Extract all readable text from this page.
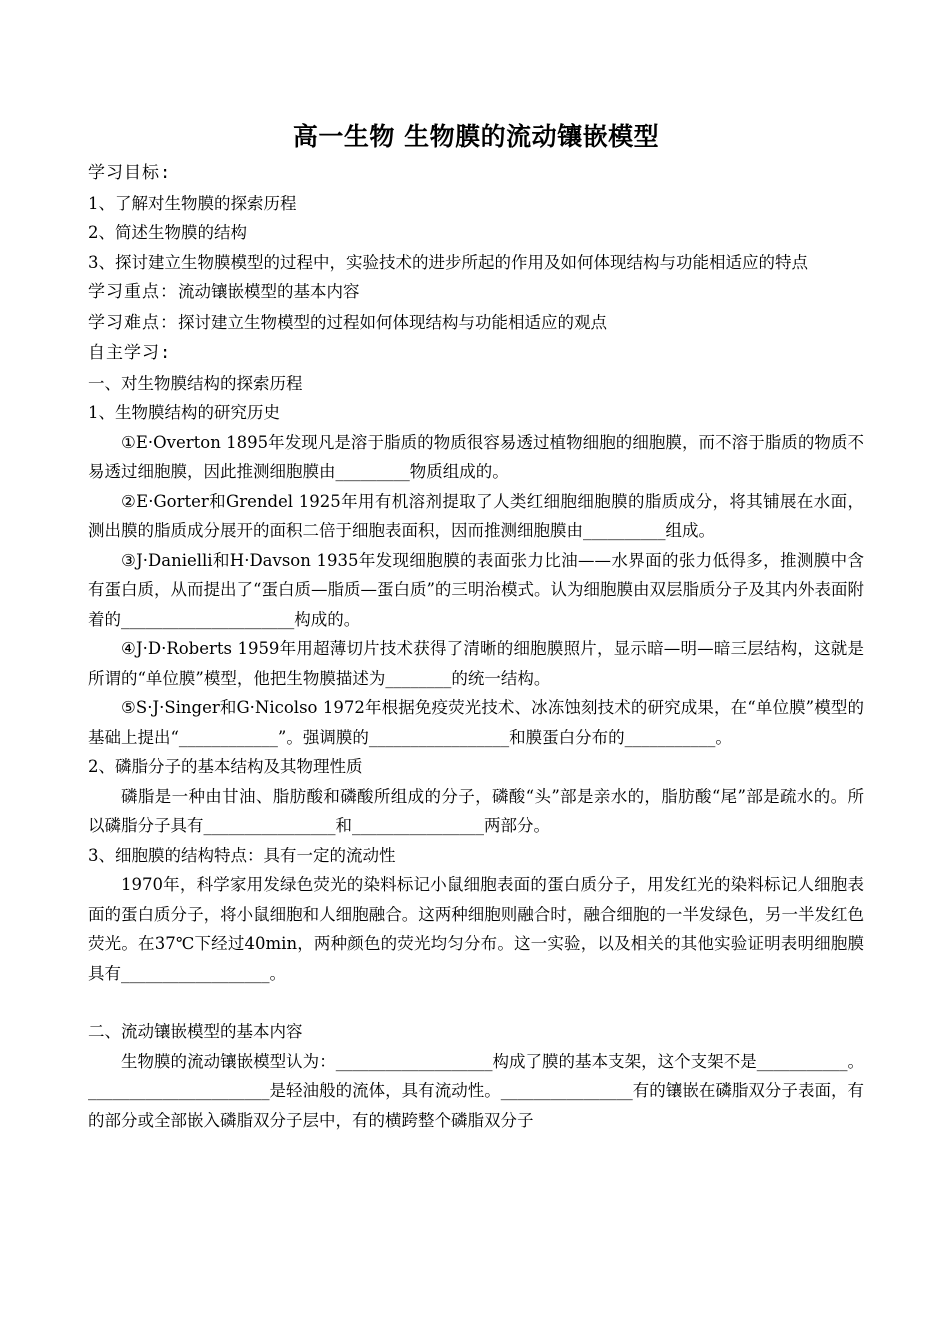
高一生物 生物膜的流动镶嵌模型

学习目标:

1、了解对生物膜的探索历程

2、简述生物膜的结构

3、探讨建立生物膜模型的过程中，实验技术的进步所起的作用及如何体现结构与功能相适应的特点

学习重点：流动镶嵌模型的基本内容

学习难点：探讨建立生物模型的过程如何体现结构与功能相适应的观点

自主学习:

一、对生物膜结构的探索历程

1、生物膜结构的研究历史

①E·Overton 1895年发现凡是溶于脂质的物质很容易透过植物细胞的细胞膜，而不溶于脂质的物质不易透过细胞膜，因此推测细胞膜由_________物质组成的。

②E·Gorter和Grendel 1925年用有机溶剂提取了人类红细胞细胞膜的脂质成分，将其铺展在水面，测出膜的脂质成分展开的面积二倍于细胞表面积，因而推测细胞膜由__________组成。

③J·Danielli和H·Davson 1935年发现细胞膜的表面张力比油——水界面的张力低得多，推测膜中含有蛋白质，从而提出了“蛋白质—脂质—蛋白质”的三明治模式。认为细胞膜由双层脂质分子及其内外表面附着的_____________________构成的。

④J·D·Roberts 1959年用超薄切片技术获得了清晰的细胞膜照片，显示暗—明—暗三层结构，这就是所谓的“单位膜”模型，他把生物膜描述为________的统一结构。

⑤S·J·Singer和G·Nicolso 1972年根据免疫荧光技术、冰冻蚀刻技术的研究成果，在“单位膜”模型的基础上提出“____________”。强调膜的_________________和膜蛋白分布的___________。

2、磷脂分子的基本结构及其物理性质

磷脂是一种由甘油、脂肪酸和磷酸所组成的分子，磷酸“头”部是亲水的，脂肪酸“尾”部是疏水的。所以磷脂分子具有________________和________________两部分。

3、细胞膜的结构特点：具有一定的流动性

1970年，科学家用发绿色荧光的染料标记小鼠细胞表面的蛋白质分子，用发红光的染料标记人细胞表面的蛋白质分子，将小鼠细胞和人细胞融合。这两种细胞则融合时，融合细胞的一半发绿色，另一半发红色荧光。在37℃下经过40min，两种颜色的荧光均匀分布。这一实验，以及相关的其他实验证明表明细胞膜具有__________________。

二、流动镶嵌模型的基本内容

生物膜的流动镶嵌模型认为：___________________构成了膜的基本支架，这个支架不是___________。______________________是轻油般的流体，具有流动性。________________有的镶嵌在磷脂双分子表面，有的部分或全部嵌入磷脂双分子层中，有的横跨整个磷脂双分子
